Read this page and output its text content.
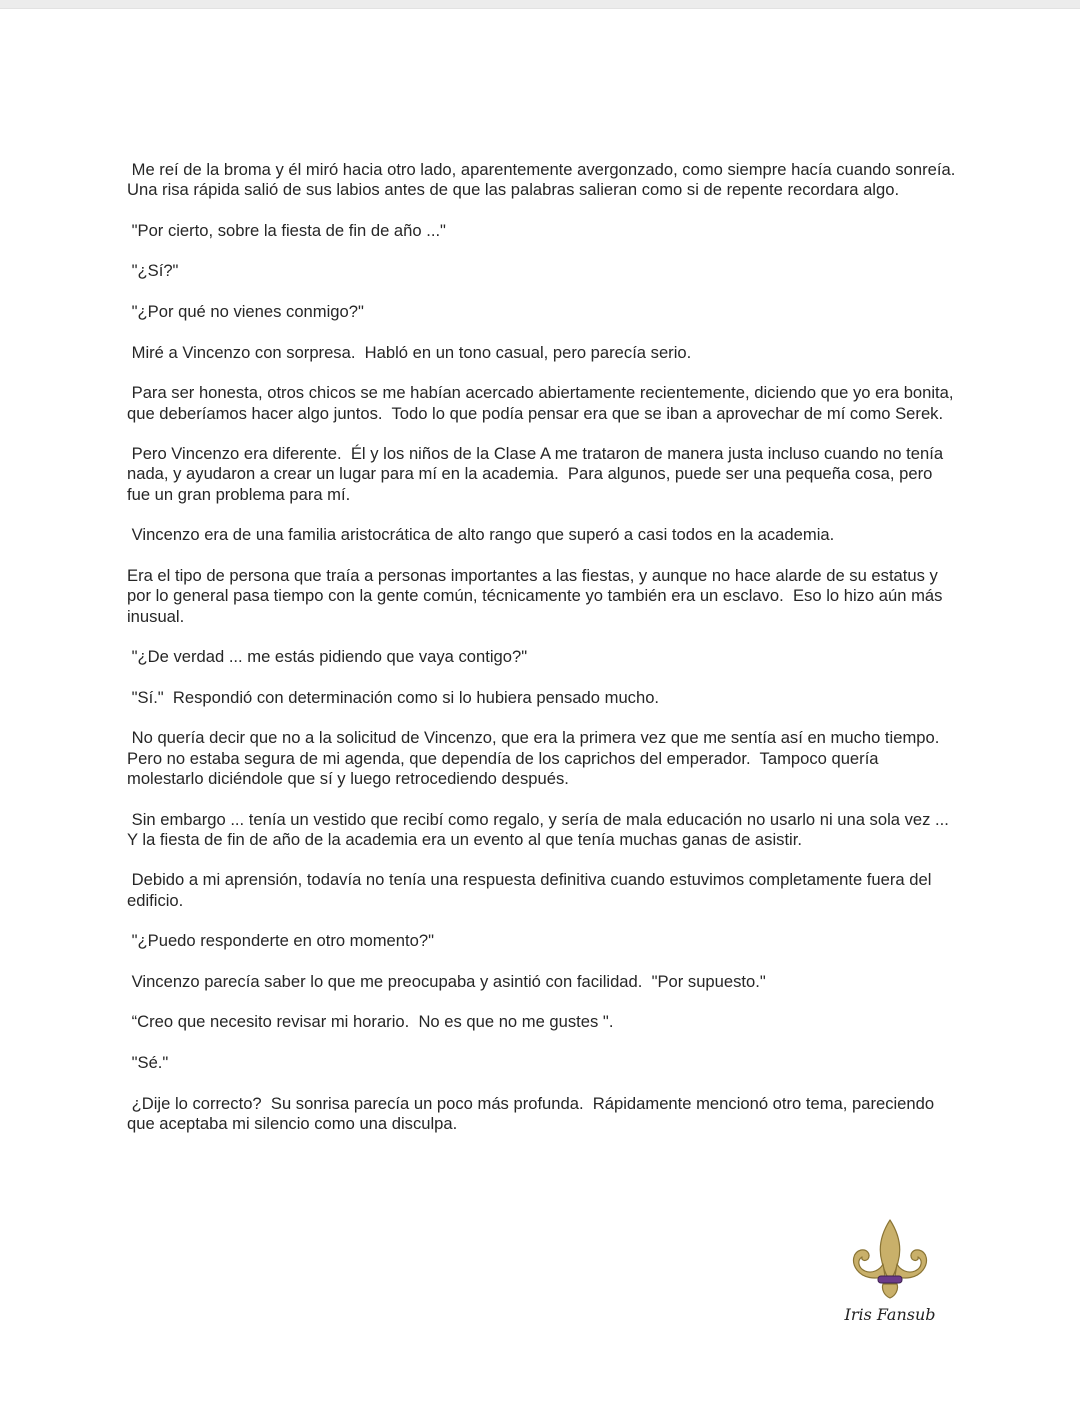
Me reí de la broma y él miró hacia otro lado, aparentemente avergonzado, como siempre hacía cuando sonreía.  Una risa rápida salió de sus labios antes de que las palabras salieran como si de repente recordara algo.

"Por cierto, sobre la fiesta de fin de año ..."

"¿Sí?"

"¿Por qué no vienes conmigo?"

Miré a Vincenzo con sorpresa.  Habló en un tono casual, pero parecía serio.

Para ser honesta, otros chicos se me habían acercado abiertamente recientemente, diciendo que yo era bonita, que deberíamos hacer algo juntos.  Todo lo que podía pensar era que se iban a aprovechar de mí como Serek.

Pero Vincenzo era diferente.  Él y los niños de la Clase A me trataron de manera justa incluso cuando no tenía nada, y ayudaron a crear un lugar para mí en la academia.  Para algunos, puede ser una pequeña cosa, pero fue un gran problema para mí.

Vincenzo era de una familia aristocrática de alto rango que superó a casi todos en la academia.

Era el tipo de persona que traía a personas importantes a las fiestas, y aunque no hace alarde de su estatus y por lo general pasa tiempo con la gente común, técnicamente yo también era un esclavo.  Eso lo hizo aún más inusual.

"¿De verdad ... me estás pidiendo que vaya contigo?"

"Sí."  Respondió con determinación como si lo hubiera pensado mucho.

No quería decir que no a la solicitud de Vincenzo, que era la primera vez que me sentía así en mucho tiempo.  Pero no estaba segura de mi agenda, que dependía de los caprichos del emperador.  Tampoco quería molestarlo diciéndole que sí y luego retrocediendo después.

Sin embargo ... tenía un vestido que recibí como regalo, y sería de mala educación no usarlo ni una sola vez ... Y la fiesta de fin de año de la academia era un evento al que tenía muchas ganas de asistir.

Debido a mi aprensión, todavía no tenía una respuesta definitiva cuando estuvimos completamente fuera del edificio.

"¿Puedo responderte en otro momento?"

Vincenzo parecía saber lo que me preocupaba y asintió con facilidad.  "Por supuesto."

“Creo que necesito revisar mi horario.  No es que no me gustes ".

"Sé."

¿Dije lo correcto?  Su sonrisa parecía un poco más profunda.  Rápidamente mencionó otro tema, pareciendo que aceptaba mi silencio como una disculpa.

Iris Fansub
